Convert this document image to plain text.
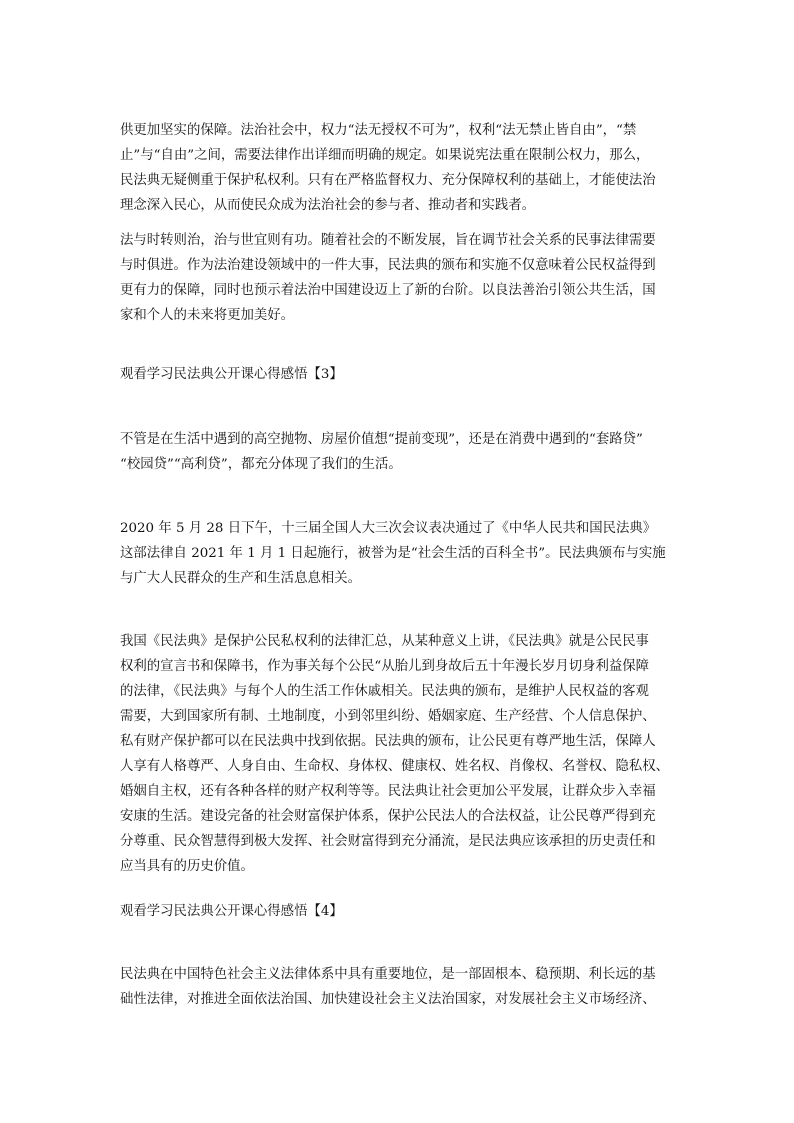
供更加坚实的保障。法治社会中，权力“法无授权不可为”，权利“法无禁止皆自由”，“禁
止”与“自由”之间，需要法律作出详细而明确的规定。如果说宪法重在限制公权力，那么，
民法典无疑侧重于保护私权利。只有在严格监督权力、充分保障权利的基础上，才能使法治
理念深入民心，从而使民众成为法治社会的参与者、推动者和实践者。

法与时转则治，治与世宜则有功。随着社会的不断发展，旨在调节社会关系的民事法律需要
与时俱进。作为法治建设领域中的一件大事，民法典的颁布和实施不仅意味着公民权益得到
更有力的保障，同时也预示着法治中国建设迈上了新的台阶。以良法善治引领公共生活，国
家和个人的未来将更加美好。

观看学习民法典公开课心得感悟【3】

不管是在生活中遇到的高空抛物、房屋价值想“提前变现”，还是在消费中遇到的“套路贷”
“校园贷”“高利贷”，都充分体现了我们的生活。

2020 年 5 月 28 日下午，十三届全国人大三次会议表决通过了《中华人民共和国民法典》
这部法律自 2021 年 1 月 1 日起施行，被誉为是“社会生活的百科全书”。民法典颁布与实施
与广大人民群众的生产和生活息息相关。

我国《民法典》是保护公民私权利的法律汇总，从某种意义上讲，《民法典》就是公民民事
权利的宣言书和保障书，作为事关每个公民“从胎儿到身故后五十年漫长岁月切身利益保障
的法律，《民法典》与每个人的生活工作休戚相关。民法典的颁布，是维护人民权益的客观
需要，大到国家所有制、土地制度，小到邻里纠纷、婚姻家庭、生产经营、个人信息保护、
私有财产保护都可以在民法典中找到依据。民法典的颁布，让公民更有尊严地生活，保障人
人享有人格尊严、人身自由、生命权、身体权、健康权、姓名权、肖像权、名誉权、隐私权、
婚姻自主权，还有各种各样的财产权利等等。民法典让社会更加公平发展，让群众步入幸福
安康的生活。建设完备的社会财富保护体系，保护公民法人的合法权益，让公民尊严得到充
分尊重、民众智慧得到极大发挥、社会财富得到充分涌流，是民法典应该承担的历史责任和
应当具有的历史价值。

观看学习民法典公开课心得感悟【4】

民法典在中国特色社会主义法律体系中具有重要地位，是一部固根本、稳预期、利长远的基
础性法律，对推进全面依法治国、加快建设社会主义法治国家，对发展社会主义市场经济、
